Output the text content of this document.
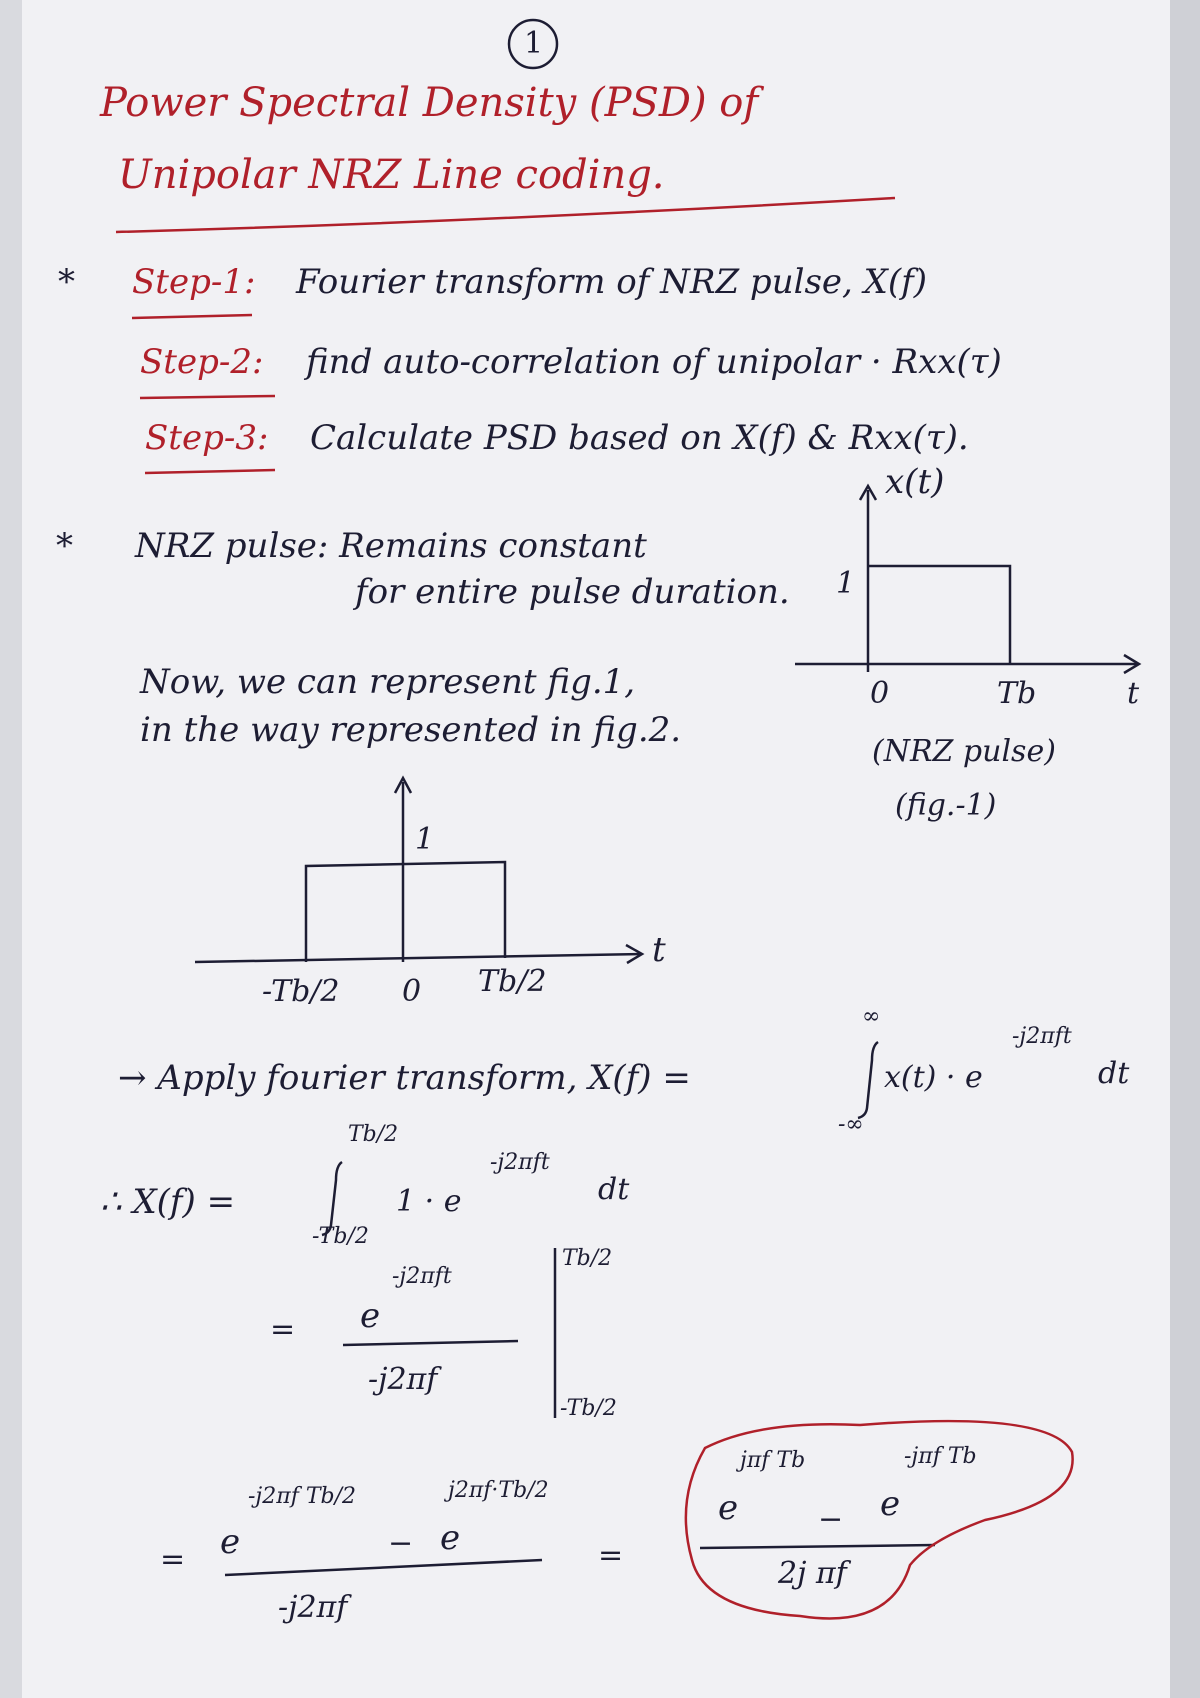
1
Power Spectral Density (PSD) of
Unipolar NRZ Line coding.
* Step-1: Fourier transform of NRZ pulse, X(f)
Step-2: find auto-correlation of unipolar · Rxx(τ)
Step-3: Calculate PSD based on X(f) & Rxx(τ).
* NRZ pulse: Remains constant
for entire pulse duration.
x(t)
1
0	Tb	t
(NRZ pulse)
(fig.-1)
Now, we can represent fig.1,
in the way represented in fig.2.
1
-Tb/2 0 Tb/2
t
→ Apply fourier transform, X(f) =
∞
-∞
x(t) · e
-j2πft
dt
∴ X(f) =
Tb/2
-Tb/2
1 · e
-j2πft
dt
= e
-j2πft
-j2πf
Tb/2
-Tb/2
= e
-j2πf Tb/2
− e
j2πf·Tb/2
-j2πf
=
e
jπf Tb
− e
-jπf Tb
2j πf
